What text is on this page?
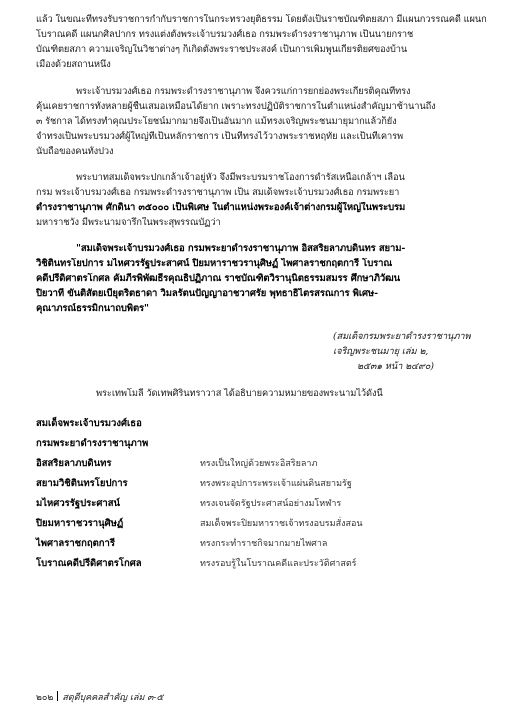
แล้ว ในขณะที่ทรงรับราชการกำกับราชการในกระทรวงยุติธรรม โดยตั้งเป็นราชบัณฑิตยสภา มีแผนกวรรณคดี แผนก
โบราณคดี แผนกศิลปากร ทรงแต่งตั้งพระเจ้าบรมวงศ์เธอ กรมพระดำรงราชานุภาพ เป็นนายกราช
บัณฑิตยสภา ความเจริญในวิชาต่างๆ ก็เกิดตั้งพระราชประสงค์ เป็นการเพิ่มพูนเกียรติยศของบ้าน
เมืองด้วยสถานหนึ่ง
พระเจ้าบรมวงศ์เธอ กรมพระดำรงราชานุภาพ จึงควรแก่การยกย่องพระเกียรติคุณที่ทรง
คุ้นเคยราชการทั้งหลายผู้ชื่นเสมอเหมือนได้ยาก เพราะทรงปฏิบัติราชการในตำแหน่งสำคัญมาช้านานถึง
๓ รัชกาล ได้ทรงทำคุณประโยชน์มากมายจึงเป็นอันมาก แม้ทรงเจริญพระชนมายุมากแล้วก็ยัง
จำทรงเป็นพระบรมวงศ์ผู้ใหญ่ที่เป็นหลักราชการ เป็นที่ทรงไว้วางพระราชหฤทัย และเป็นที่เคารพ
นับถือของคนทั้งปวง
พระบาทสมเด็จพระปกเกล้าเจ้าอยู่หัว จึงมีพระบรมราชโองการดำรัสเหนือเกล้าฯ เลื่อน
กรม พระเจ้าบรมวงศ์เธอ กรมพระดำรงราชานุภาพ เป็น สมเด็จพระเจ้าบรมวงศ์เธอ กรมพระยา
ดำรงราชานุภาพ ศักดินา ๓๕๐๐๐ เป็นพิเศษ ในตำแหน่งพระองค์เจ้าต่างกรมผู้ใหญ่ในพระบรม
มหาราชวัง มีพระนามจารึกในพระสุพรรณบัฏว่า
"สมเด็จพระเจ้าบรมวงศ์เธอ กรมพระยาดำรงราชานุภาพ อิสสริยลาภบดินทร สยาม-
วิชิตินทรโยปการ มไหศวรรัฐประสาศน์ ปิยมหาราชวรานุศิษฏ์ ไพศาลราชกฤตการี โบราณ
คดีปรีดิศาตรโกศล คัมภีรพิพัฒธีรคุณธิปฏิภาณ ราชบัณฑิตวิรานุนิตธรรมสมรร ศึกษาภิวัฒน
ปิยวาที ขันติสัตยเบี่ยุตริตธาดา วิมลรัตนปัญญาอาชวาศรัย พุทธาธิไตรสรณการ พิเศษ-
คุณาภรณ์ธรรมิกนาถบพิตร"
(สมเด็จกรมพระยาดำรงราชานุภาพ
เจริญพระชนมายุ เล่ม ๒,
๒๕๓๑ หน้า ๒๔๙๐)
พระเทพโมลี วัดเทพศิรินทราวาส ได้อธิบายความหมายของพระนามไว้ดังนี้
สมเด็จพระเจ้าบรมวงศ์เธอ
กรมพระยาดำรงราชานุภาพ
อิสสริยลาภบดินทร	ทรงเป็นใหญ่ด้วยพระอิสริยลาภ
สยามวิชิตินทรโยปการ	ทรงพระอุปการะพระเจ้าแผ่นดินสยามรัฐ
มไหศวรรัฐประศาสน์	ทรงเจนจัดรัฐประศาสน์อย่างมโหฬาร
ปิยมหาราชวรานุศิษฏ์	สมเด็จพระปิยมหาราชเจ้าทรงอบรมสั่งสอน
ไพศาลราชกฤตการี	ทรงกระทำราชกิจมากมายไพศาล
โบราณคดีปรีดิศาตรโกศล	ทรงรอบรู้ในโบราณคดีและประวัติศาสตร์
๒๐๒ สดุดีบุคคลสำคัญ เล่ม ๓-๕
